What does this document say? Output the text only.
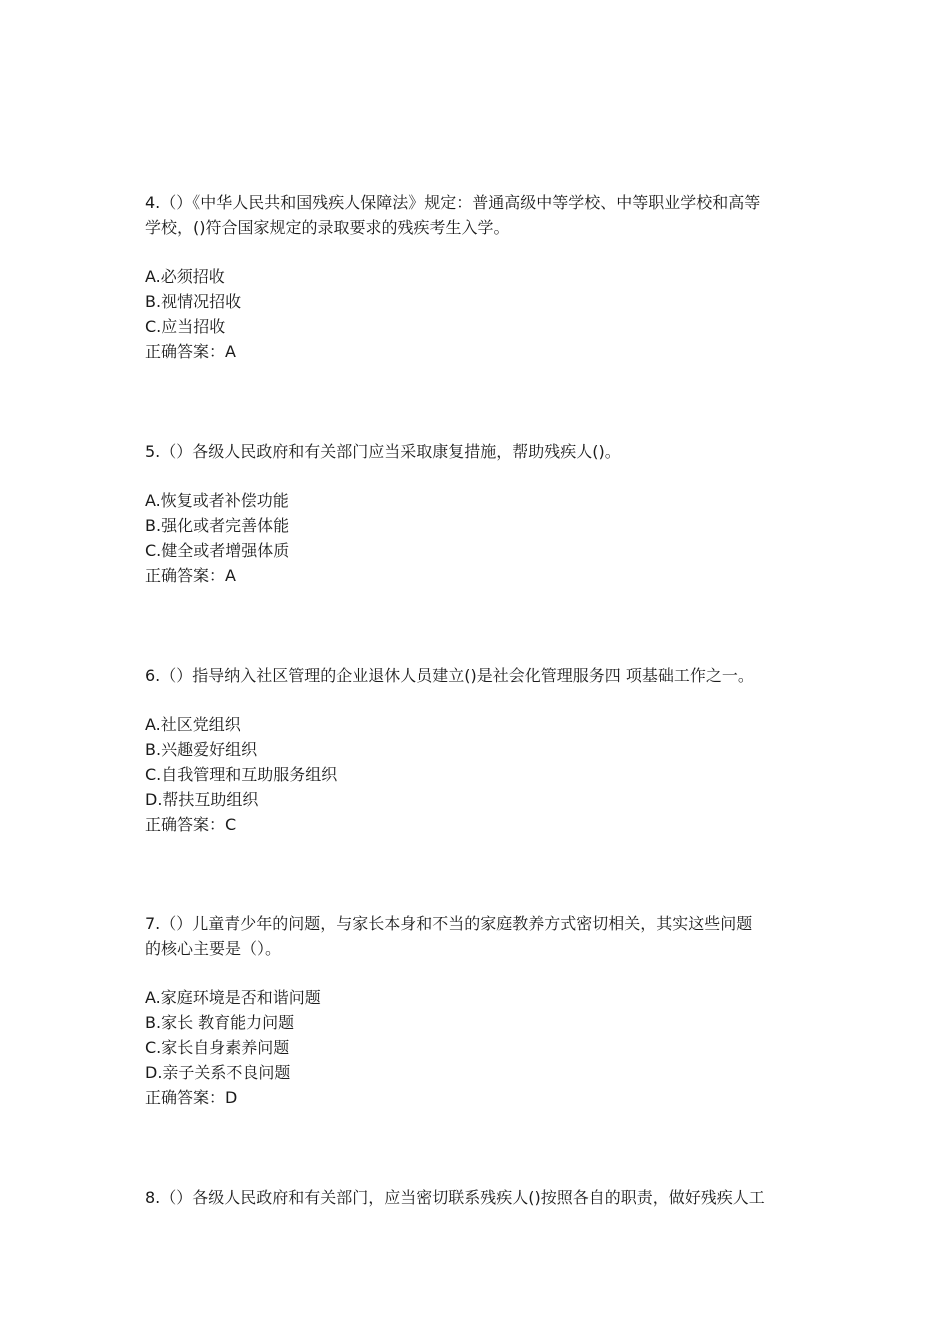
4.（）《中华人民共和国残疾人保障法》规定：普通高级中等学校、中等职业学校和高等
学校，()符合国家规定的录取要求的残疾考生入学。

A.必须招收
B.视情况招收
C.应当招收
正确答案：A

5.（）各级人民政府和有关部门应当采取康复措施，帮助残疾人()。

A.恢复或者补偿功能
B.强化或者完善体能
C.健全或者增强体质
正确答案：A

6.（）指导纳入社区管理的企业退休人员建立()是社会化管理服务四 项基础工作之一。

A.社区党组织
B.兴趣爱好组织
C.自我管理和互助服务组织
D.帮扶互助组织
正确答案：C

7.（）儿童青少年的问题，与家长本身和不当的家庭教养方式密切相关，其实这些问题
的核心主要是（）。

A.家庭环境是否和谐问题
B.家长 教育能力问题
C.家长自身素养问题
D.亲子关系不良问题
正确答案：D

8.（）各级人民政府和有关部门，应当密切联系残疾人()按照各自的职责，做好残疾人工
